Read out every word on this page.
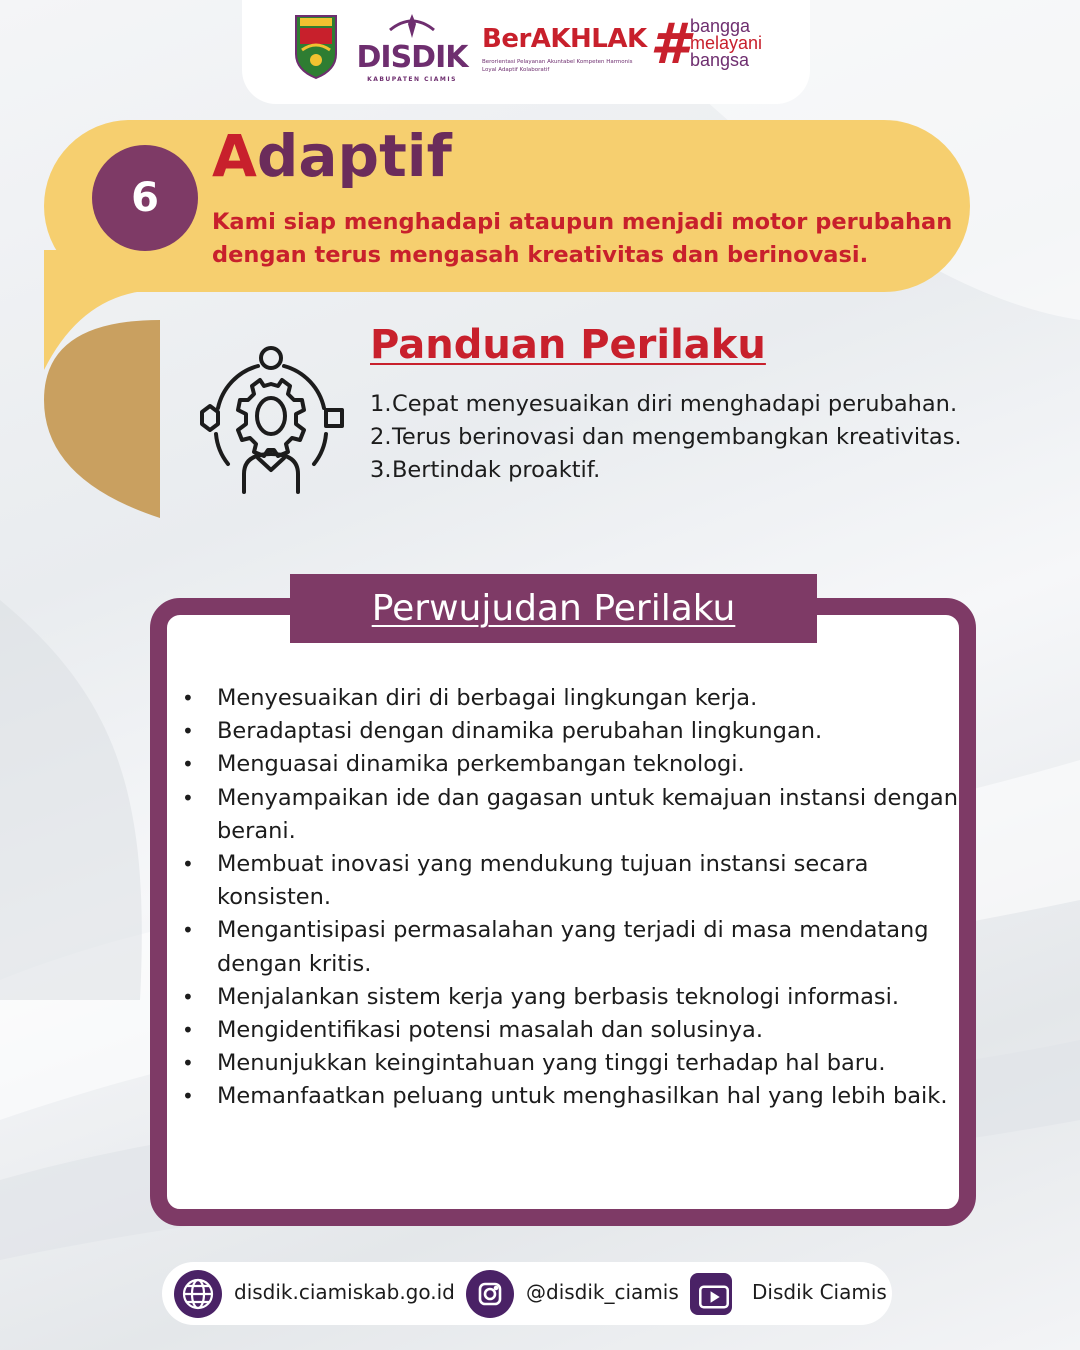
DISDIK
KABUPATEN CIAMIS
BerAKHLAK
Berorientasi Pelayanan Akuntabel Kompeten Harmonis Loyal Adaptif Kolaboratif	# bangga
melayani
bangsa
6
Adaptif
Kami siap menghadapi ataupun menjadi motor perubahan dengan terus mengasah kreativitas dan berinovasi.
Panduan Perilaku
1. Cepat menyesuaikan diri menghadapi perubahan.
2. Terus berinovasi dan mengembangkan kreativitas.
3. Bertindak proaktif.
Perwujudan Perilaku
•	Menyesuaikan diri di berbagai lingkungan kerja.
•	Beradaptasi dengan dinamika perubahan lingkungan.
•	Menguasai dinamika perkembangan teknologi.
•	Menyampaikan ide dan gagasan untuk kemajuan instansi dengan berani.
•	Membuat inovasi yang mendukung tujuan instansi secara konsisten.
•	Mengantisipasi permasalahan yang terjadi di masa mendatang dengan kritis.
•	Menjalankan sistem kerja yang berbasis teknologi informasi.
•	Mengidentifikasi potensi masalah dan solusinya.
•	Menunjukkan keingintahuan yang tinggi terhadap hal baru.
•	Memanfaatkan peluang untuk menghasilkan hal yang lebih baik.
disdik.ciamiskab.go.id	@disdik_ciamis	Disdik Ciamis
